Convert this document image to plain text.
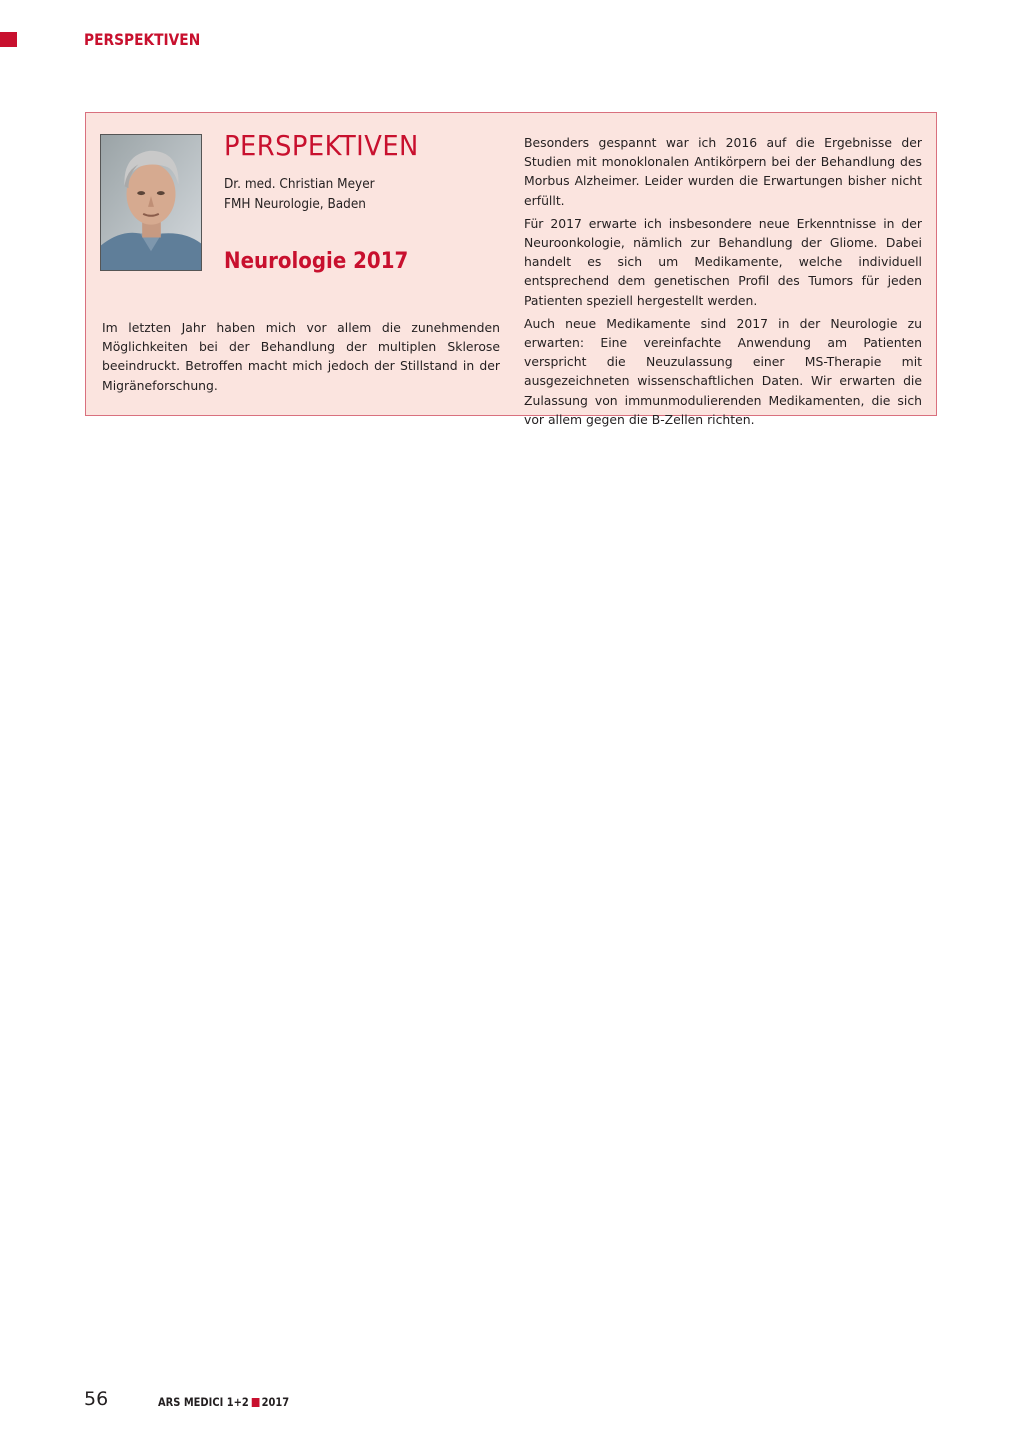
PERSPEKTIVEN
PERSPEKTIVEN
Dr. med. Christian Meyer
FMH Neurologie, Baden
Neurologie 2017

Im letzten Jahr haben mich vor allem die zunehmenden Möglichkeiten bei der Behandlung der multiplen Sklerose beeindruckt. Betroffen macht mich jedoch der Stillstand in der Migräneforschung.

Besonders gespannt war ich 2016 auf die Ergebnisse der Studien mit monoklonalen Antikörpern bei der Behandlung des Morbus Alzheimer. Leider wurden die Erwartungen bisher nicht erfüllt.

Für 2017 erwarte ich insbesondere neue Erkenntnisse in der Neuroonkologie, nämlich zur Behandlung der Gliome. Dabei handelt es sich um Medikamente, welche individuell entsprechend dem genetischen Profil des Tumors für jeden Patienten speziell hergestellt werden.

Auch neue Medikamente sind 2017 in der Neurologie zu erwarten: Eine vereinfachte Anwendung am Patienten verspricht die Neuzulassung einer MS-Therapie mit ausgezeichneten wissenschaftlichen Daten. Wir erwarten die Zulassung von immunmodulierenden Medikamenten, die sich vor allem gegen die B-Zellen richten.

56	ARS MEDICI 1+2 2017
